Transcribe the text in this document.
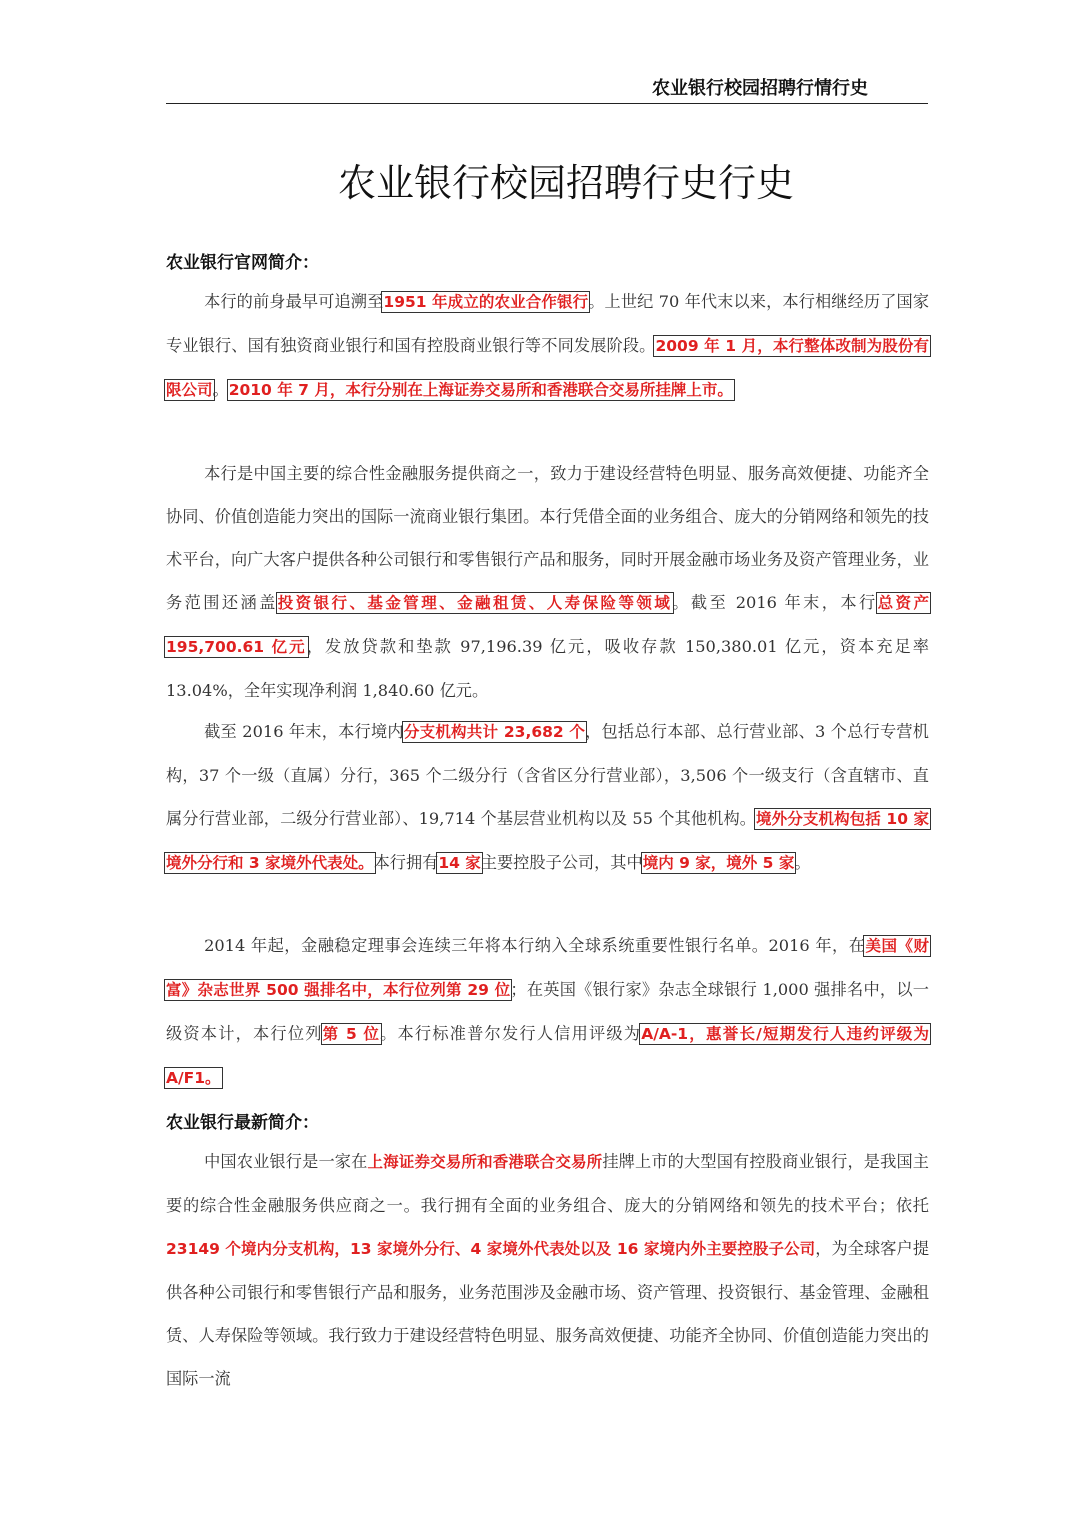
农业银行校园招聘行情行史
农业银行校园招聘行史行史
农业银行官网简介：
本行的前身最早可追溯至1951 年成立的农业合作银行。上世纪 70 年代末以来，本行相继经历了国家专业银行、国有独资商业银行和国有控股商业银行等不同发展阶段。2009 年 1 月，本行整体改制为股份有限公司。2010 年 7 月，本行分别在上海证券交易所和香港联合交易所挂牌上市。
本行是中国主要的综合性金融服务提供商之一，致力于建设经营特色明显、服务高效便捷、功能齐全协同、价值创造能力突出的国际一流商业银行集团。本行凭借全面的业务组合、庞大的分销网络和领先的技术平台，向广大客户提供各种公司银行和零售银行产品和服务，同时开展金融市场业务及资产管理业务，业务范围还涵盖投资银行、基金管理、金融租赁、人寿保险等领域。截至 2016 年末，本行总资产 195,700.61 亿元，发放贷款和垫款 97,196.39 亿元，吸收存款 150,380.01 亿元，资本充足率 13.04%，全年实现净利润 1,840.60 亿元。
截至 2016 年末，本行境内分支机构共计 23,682 个，包括总行本部、总行营业部、3 个总行专营机构，37 个一级（直属）分行，365 个二级分行（含省区分行营业部），3,506 个一级支行（含直辖市、直属分行营业部，二级分行营业部）、19,714 个基层营业机构以及 55 个其他机构。境外分支机构包括 10 家境外分行和 3 家境外代表处。本行拥有14 家主要控股子公司，其中境内 9 家，境外 5 家。
2014 年起，金融稳定理事会连续三年将本行纳入全球系统重要性银行名单。2016 年，在美国《财富》杂志世界 500 强排名中，本行位列第 29 位；在英国《银行家》杂志全球银行 1,000 强排名中，以一级资本计，本行位列第 5 位。本行标准普尔发行人信用评级为A/A-1，惠誉长/短期发行人违约评级为 A/F1。
农业银行最新简介：
中国农业银行是一家在上海证券交易所和香港联合交易所挂牌上市的大型国有控股商业银行，是我国主要的综合性金融服务供应商之一。我行拥有全面的业务组合、庞大的分销网络和领先的技术平台；依托23149 个境内分支机构，13 家境外分行、4 家境外代表处以及 16 家境内外主要控股子公司，为全球客户提供各种公司银行和零售银行产品和服务，业务范围涉及金融市场、资产管理、投资银行、基金管理、金融租赁、人寿保险等领域。我行致力于建设经营特色明显、服务高效便捷、功能齐全协同、价值创造能力突出的国际一流
